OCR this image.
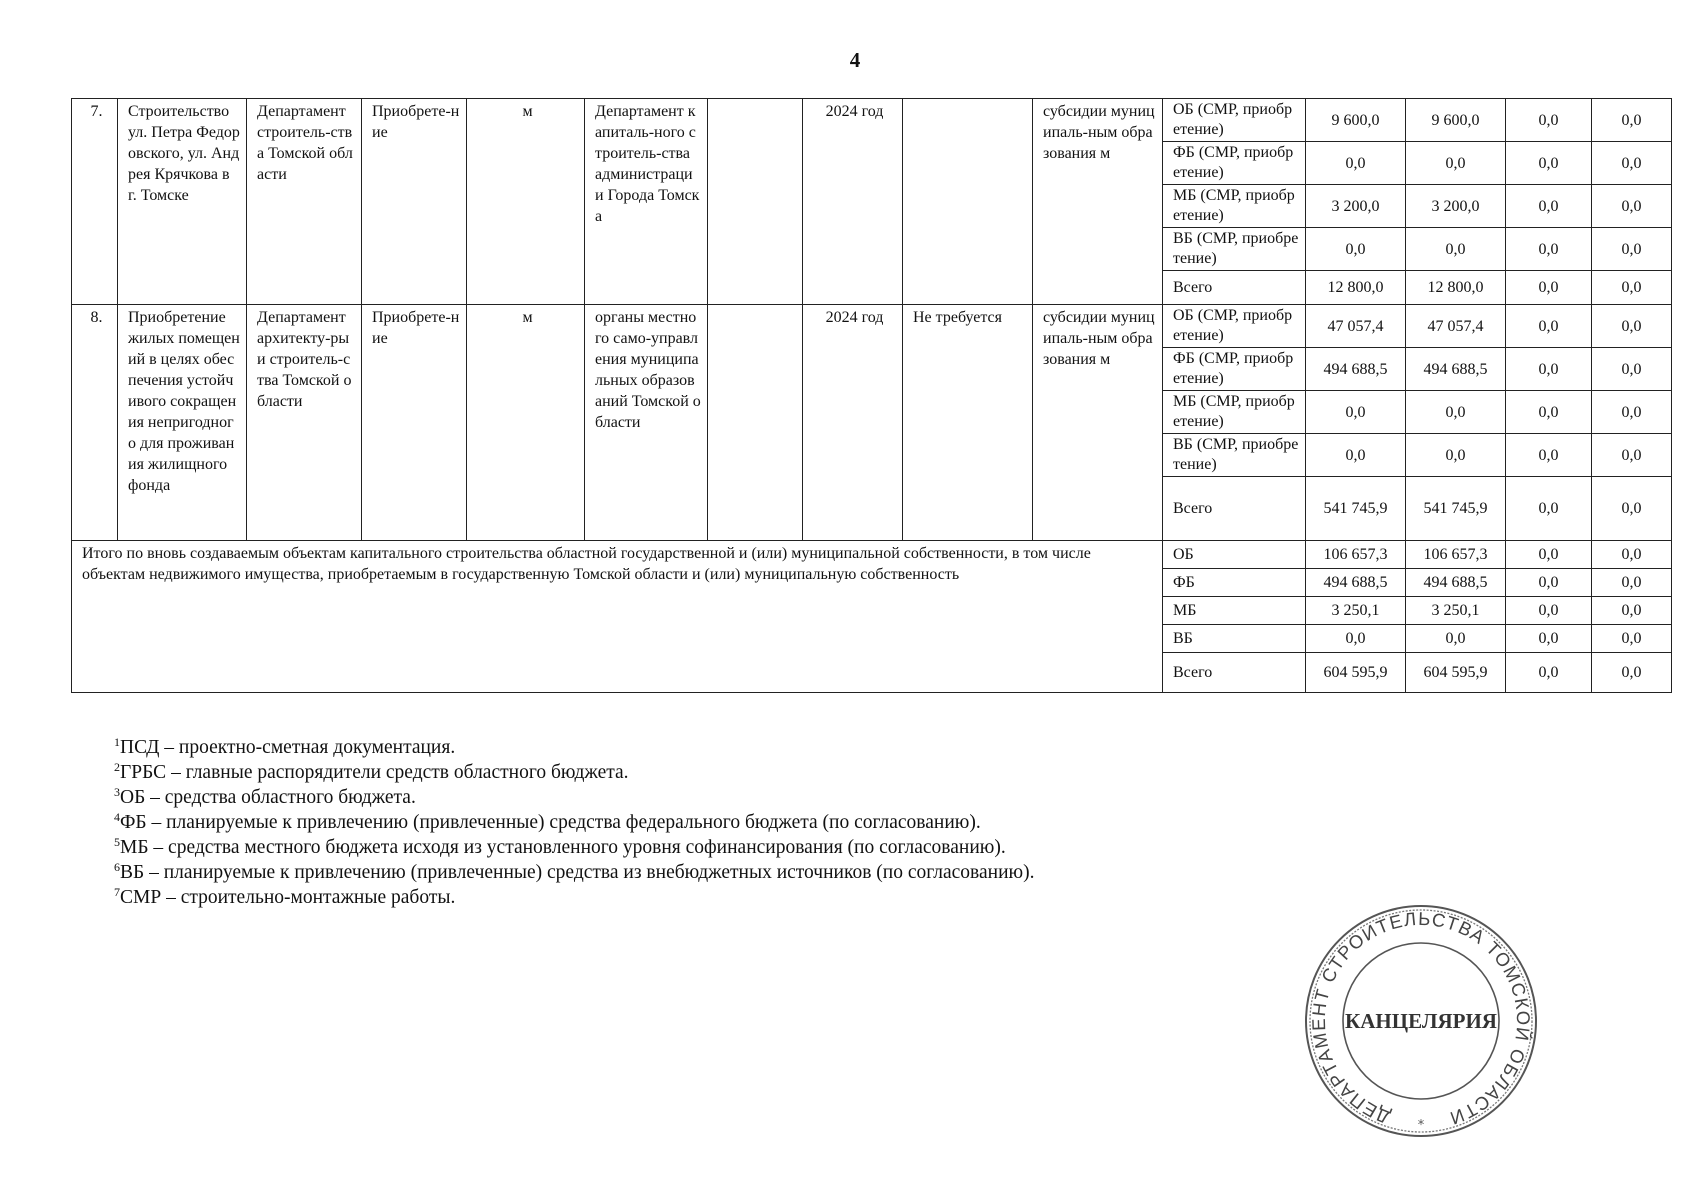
4
7.	Строительство ул. Петра Федоровского, ул. Андрея Крячкова в г. Томске	Департамент строитель-ства Томской области	Приобрете-ние	м	Департамент капиталь-ного строитель-ства администрации Города Томска		2024 год		субсидии муниципаль-ным образования м	ОБ (СМР, приобретение)	9 600,0	9 600,0	0,0	0,0
										ФБ (СМР, приобретение)	0,0	0,0	0,0	0,0
										МБ (СМР, приобретение)	3 200,0	3 200,0	0,0	0,0
										ВБ (СМР, приобретение)	0,0	0,0	0,0	0,0
										Всего	12 800,0	12 800,0	0,0	0,0
8.	Приобретение жилых помещений в целях обеспечения устойчивого сокращения непригодного для проживания жилищного фонда	Департамент архитекту-ры и строитель-ства Томской области	Приобрете-ние	м	органы местного само-управления муниципальных образований Томской области		2024 год	Не требуется	субсидии муниципаль-ным образования м	ОБ (СМР, приобретение)	47 057,4	47 057,4	0,0	0,0
										ФБ (СМР, приобретение)	494 688,5	494 688,5	0,0	0,0
										МБ (СМР, приобретение)	0,0	0,0	0,0	0,0
										ВБ (СМР, приобретение)	0,0	0,0	0,0	0,0
										Всего	541 745,9	541 745,9	0,0	0,0
Итого по вновь создаваемым объектам капитального строительства областной государственной и (или) муниципальной собственности, в том числе объектам недвижимого имущества, приобретаемым в государственную Томской области и (или) муниципальную собственность										ОБ	106 657,3	106 657,3	0,0	0,0
										ФБ	494 688,5	494 688,5	0,0	0,0
										МБ	3 250,1	3 250,1	0,0	0,0
										ВБ	0,0	0,0	0,0	0,0
										Всего	604 595,9	604 595,9	0,0	0,0
$^1$ПСД – проектно-сметная документация.
$^2$ГРБС – главные распорядители средств областного бюджета.
$^3$ОБ – средства областного бюджета.
$^4$ФБ – планируемые к привлечению (привлеченные) средства федерального бюджета (по согласованию).
$^5$МБ – средства местного бюджета исходя из установленного уровня софинансирования (по согласованию).
$^6$ВБ – планируемые к привлечению (привлеченные) средства из внебюджетных источников (по согласованию).
$^7$СМР – строительно-монтажные работы.
ДЕПАРТАМЕНТ СТРОИТЕЛЬСТВА ТОМСКОЙ ОБЛАСТИ
КАНЦЕЛЯРИЯ
*
